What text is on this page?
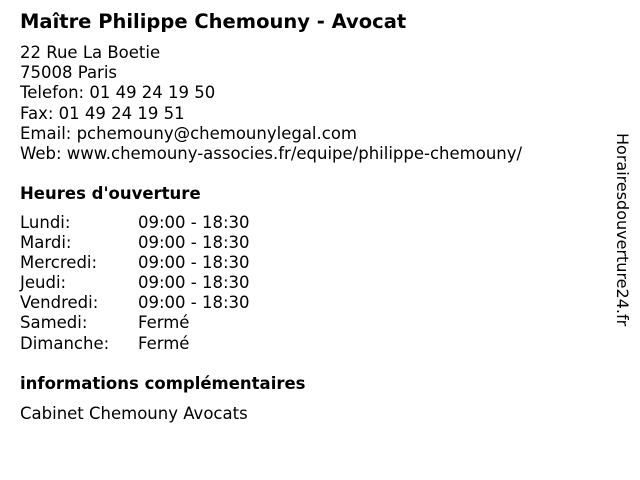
Maître Philippe Chemouny - Avocat
22 Rue La Boetie
75008 Paris
Telefon: 01 49 24 19 50
Fax: 01 49 24 19 51
Email: pchemouny@chemounylegal.com
Web: www.chemouny-associes.fr/equipe/philippe-chemouny/
Heures d'ouverture
Lundi:	09:00 - 18:30
Mardi:	09:00 - 18:30
Mercredi:	09:00 - 18:30
Jeudi:	09:00 - 18:30
Vendredi:	09:00 - 18:30
Samedi:	Fermé
Dimanche:	Fermé
informations complémentaires
Cabinet Chemouny Avocats
Horairesdouverture24.fr
